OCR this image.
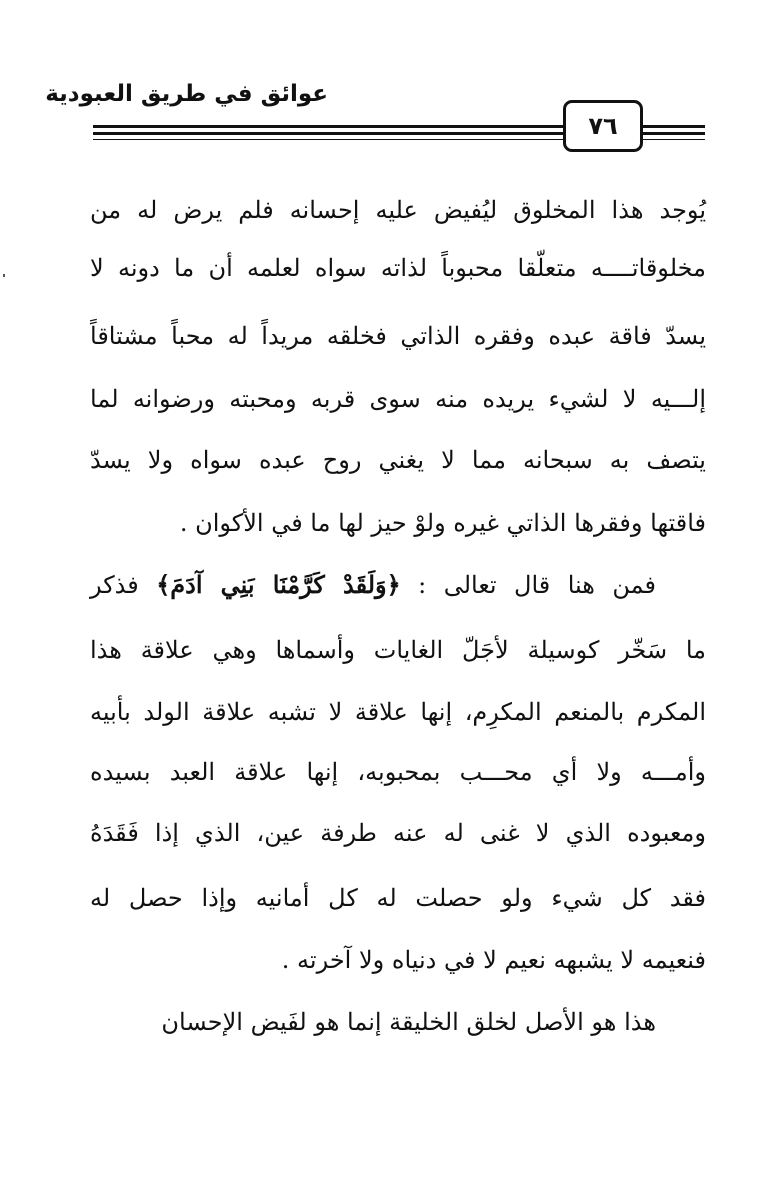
عوائق في طريق العبودية
٧٦
يُوجد هذا المخلوق ليُفيض عليه إحسانه فلم يرض له من
مخلوقاتــــه متعلّقا محبوباً لذاته سواه لعلمه أن ما دونه لا
يسدّ فاقة عبده وفقره الذاتي فخلقه مريداً له محباً مشتاقاً
إلـــيه لا لشيء يريده منه سوى قربه ومحبته ورضوانه لما
يتصف به سبحانه مما لا يغني روح عبده سواه ولا يسدّ
فاقتها وفقرها الذاتي غيره ولوْ حيز لها ما في الأكوان .
فمن هنا قال تعالى : ﴿وَلَقَدْ كَرَّمْنَا بَنِي آدَمَ﴾ فذكر
ما سَخّر كوسيلة لأجَلّ الغايات وأسماها وهي علاقة هذا
المكرم بالمنعم المكرِم، إنها علاقة لا تشبه علاقة الولد بأبيه
وأمـــه ولا أي محـــب بمحبوبه، إنها علاقة العبد بسيده
ومعبوده الذي لا غنى له عنه طرفة عين، الذي إذا فَقَدَهُ
فقد كل شيء ولو حصلت له كل أمانيه وإذا حصل له
فنعيمه لا يشبهه نعيم لا في دنياه ولا آخرته .
هذا هو الأصل لخلق الخليقة إنما هو لفَيض الإحسان
